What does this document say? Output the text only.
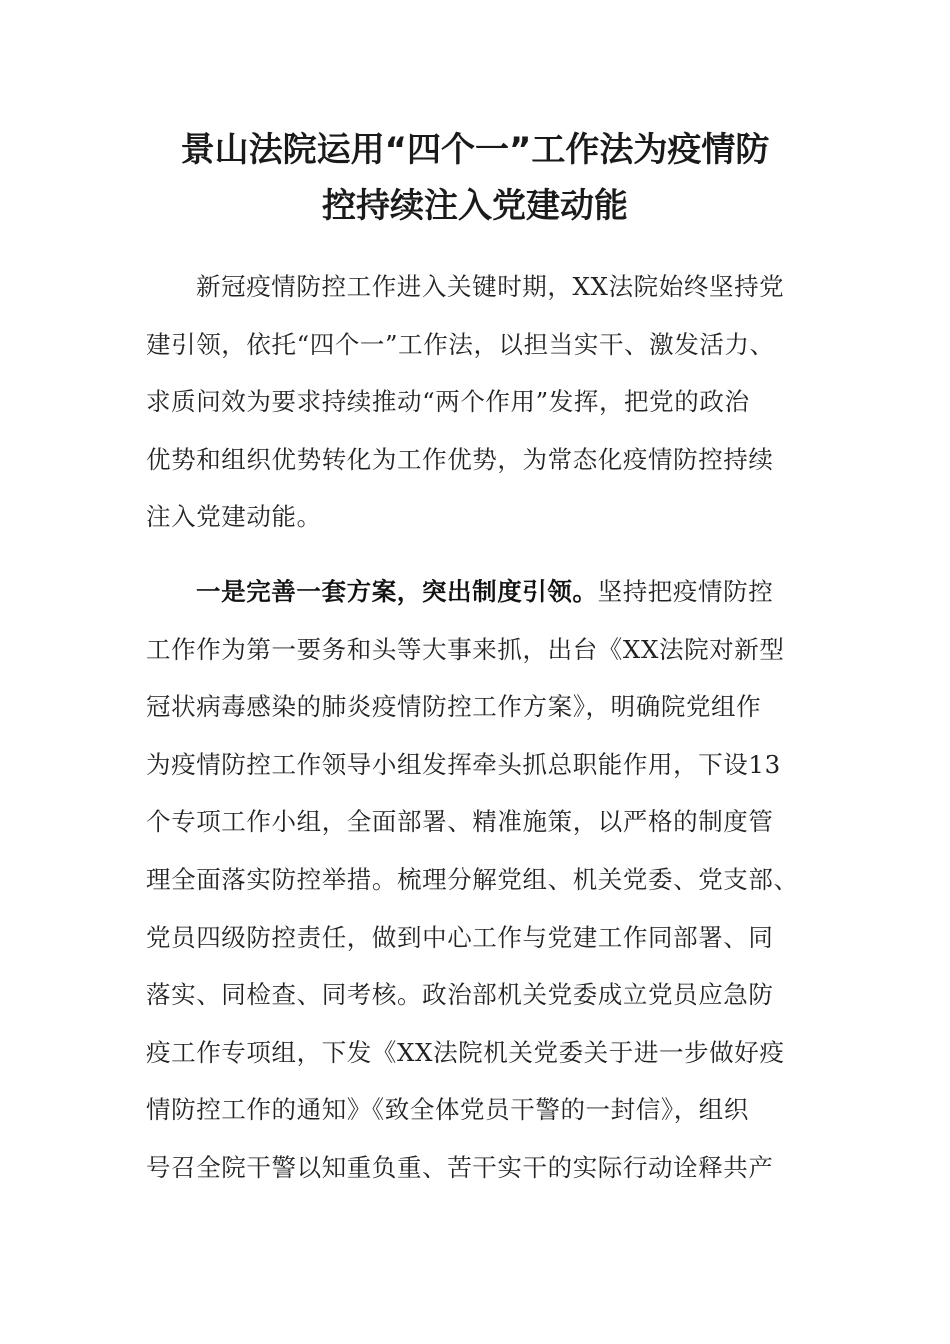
景山法院运用“四个一”工作法为疫情防
控持续注入党建动能

新冠疫情防控工作进入关键时期，XX法院始终坚持党
建引领，依托“四个一”工作法，以担当实干、激发活力、
求质问效为要求持续推动“两个作用”发挥，把党的政治
优势和组织优势转化为工作优势，为常态化疫情防控持续
注入党建动能。

一是完善一套方案，突出制度引领。坚持把疫情防控
工作作为第一要务和头等大事来抓，出台《XX法院对新型
冠状病毒感染的肺炎疫情防控工作方案》，明确院党组作
为疫情防控工作领导小组发挥牵头抓总职能作用，下设13
个专项工作小组，全面部署、精准施策，以严格的制度管
理全面落实防控举措。梳理分解党组、机关党委、党支部、
党员四级防控责任，做到中心工作与党建工作同部署、同
落实、同检查、同考核。政治部机关党委成立党员应急防
疫工作专项组，下发《XX法院机关党委关于进一步做好疫
情防控工作的通知》《致全体党员干警的一封信》，组织
号召全院干警以知重负重、苦干实干的实际行动诠释共产
